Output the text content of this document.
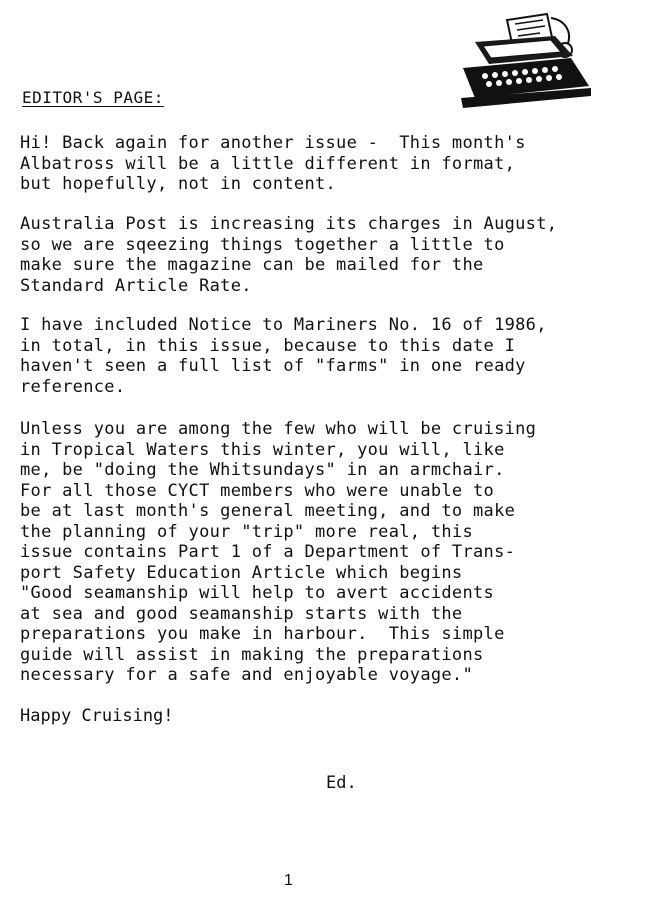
EDITOR'S PAGE:

Hi! Back again for another issue -  This month's
Albatross will be a little different in format,
but hopefully, not in content.

Australia Post is increasing its charges in August,
so we are sqeezing things together a little to
make sure the magazine can be mailed for the
Standard Article Rate.

I have included Notice to Mariners No. 16 of 1986,
in total, in this issue, because to this date I
haven't seen a full list of "farms" in one ready
reference.

Unless you are among the few who will be cruising
in Tropical Waters this winter, you will, like
me, be "doing the Whitsundays" in an armchair.
For all those CYCT members who were unable to
be at last month's general meeting, and to make
the planning of your "trip" more real, this
issue contains Part 1 of a Department of Trans-
port Safety Education Article which begins
"Good seamanship will help to avert accidents
at sea and good seamanship starts with the
preparations you make in harbour.  This simple
guide will assist in making the preparations
necessary for a safe and enjoyable voyage."

Happy Cruising!

Ed.

1
